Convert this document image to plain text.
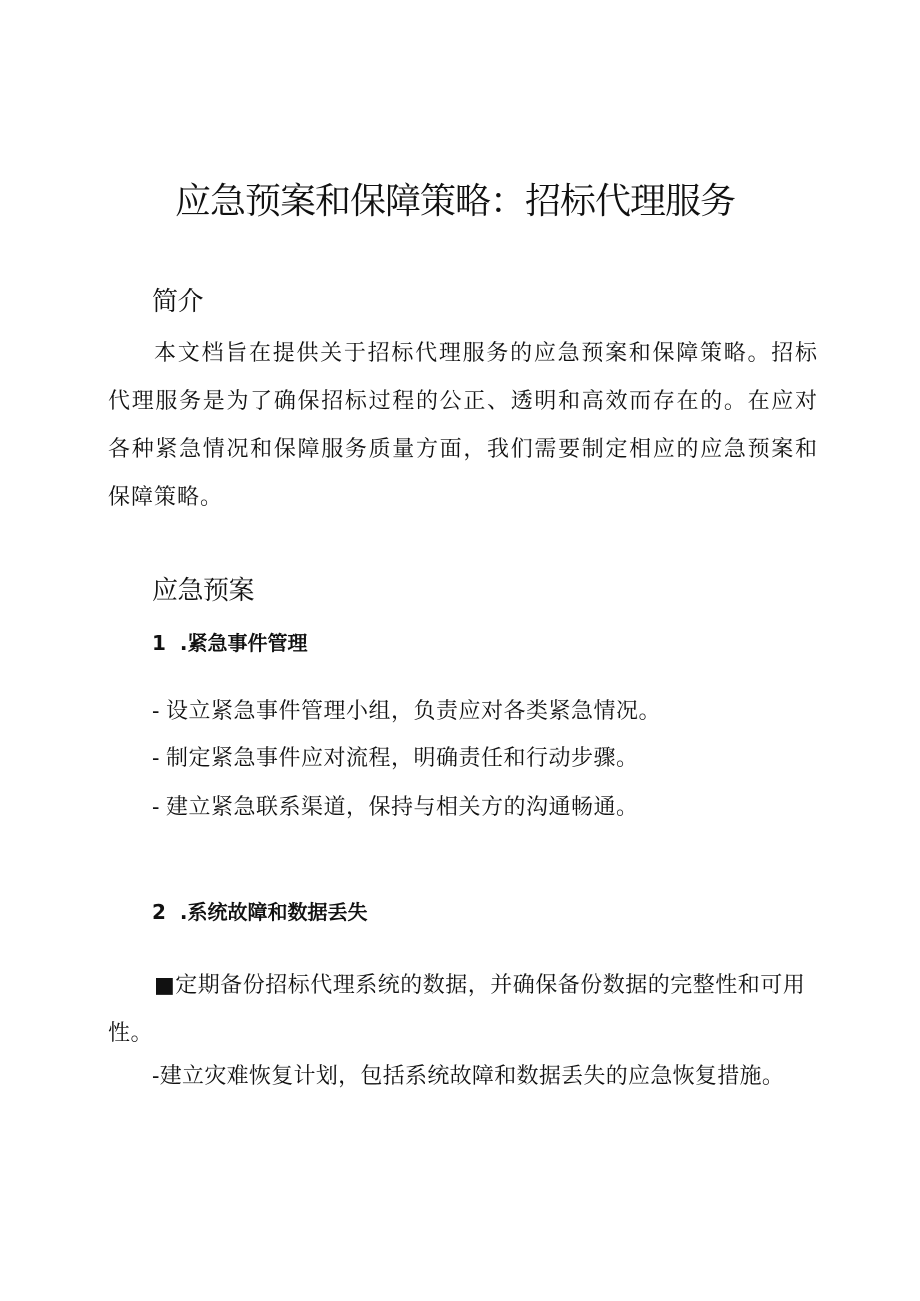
应急预案和保障策略：招标代理服务
简介
本文档旨在提供关于招标代理服务的应急预案和保障策略。招标代理服务是为了确保招标过程的公正、透明和高效而存在的。在应对各种紧急情况和保障服务质量方面，我们需要制定相应的应急预案和保障策略。
应急预案
1 .紧急事件管理
- 设立紧急事件管理小组，负责应对各类紧急情况。
- 制定紧急事件应对流程，明确责任和行动步骤。
- 建立紧急联系渠道，保持与相关方的沟通畅通。
2 .系统故障和数据丢失
■定期备份招标代理系统的数据，并确保备份数据的完整性和可用性。
-建立灾难恢复计划，包括系统故障和数据丢失的应急恢复措施。
